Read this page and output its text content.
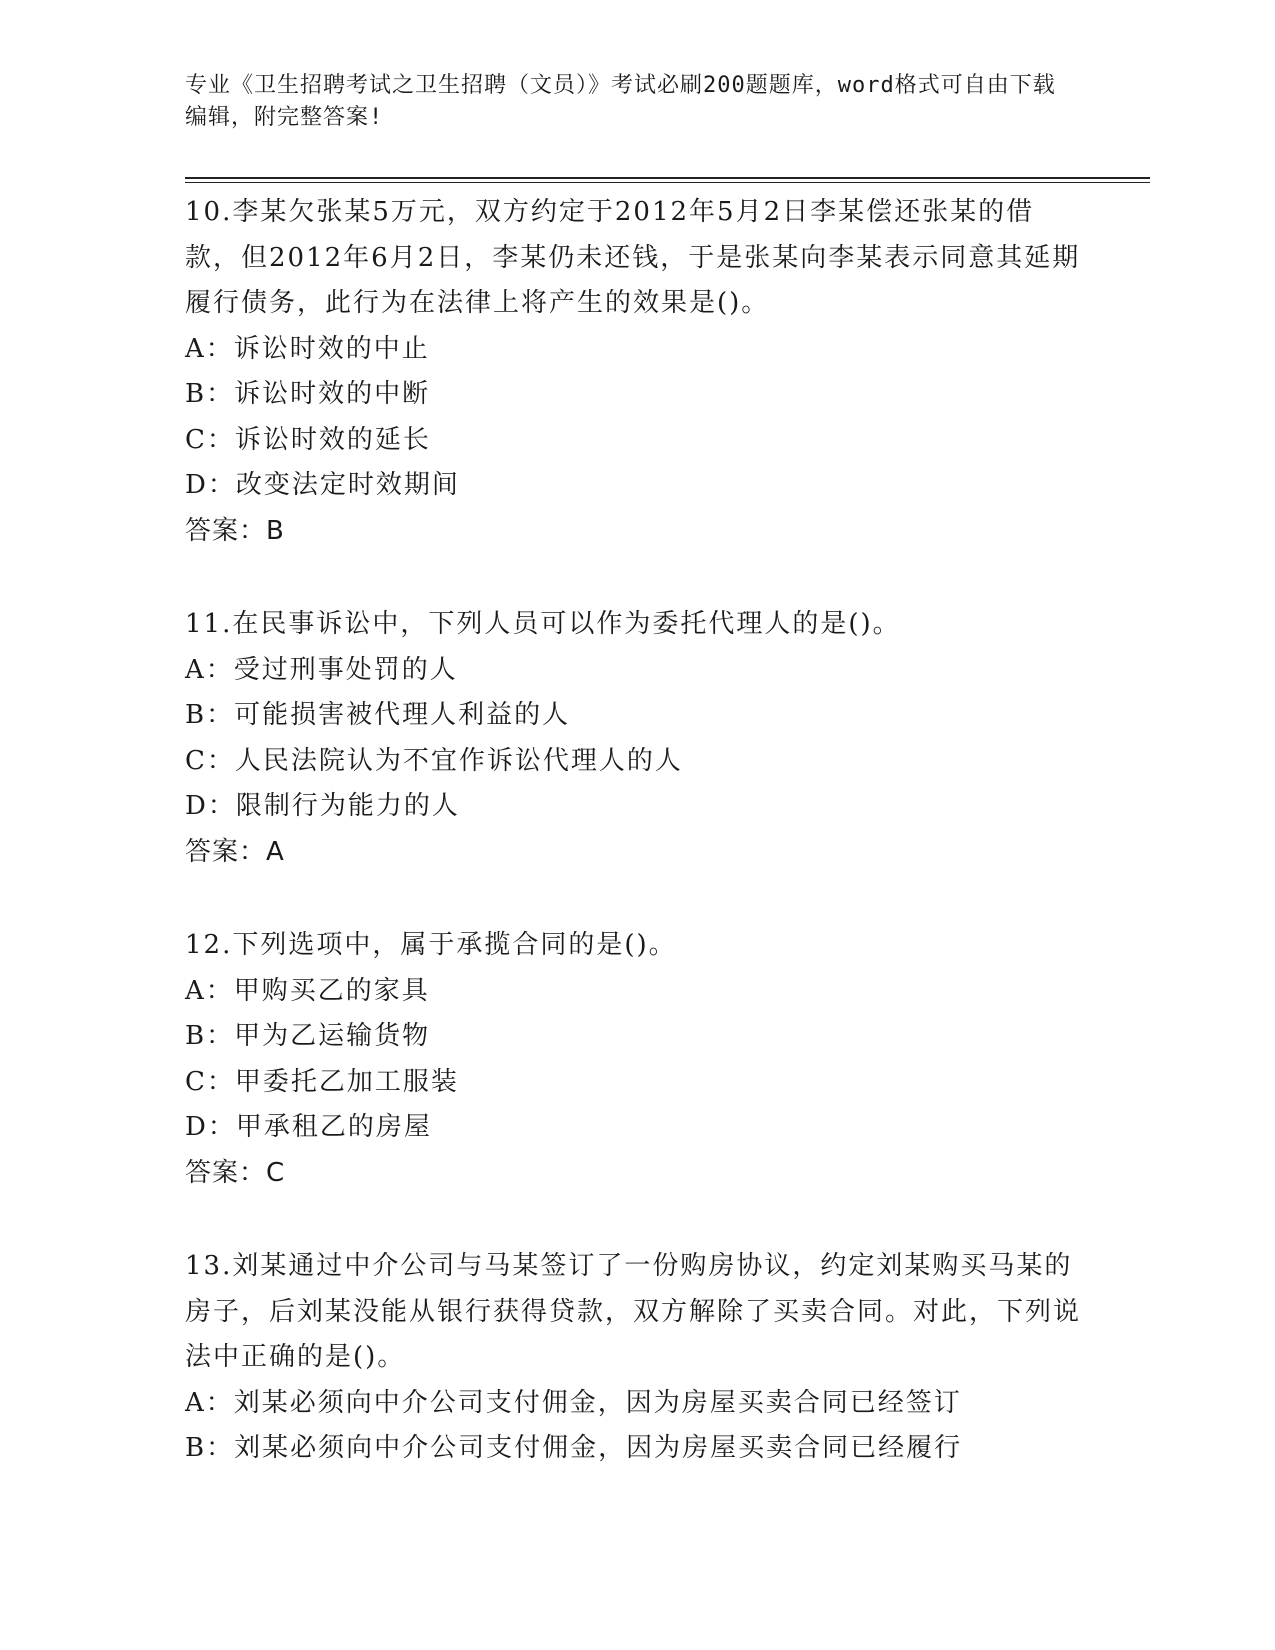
专业《卫生招聘考试之卫生招聘（文员）》考试必刷200题题库，word格式可自由下载编辑，附完整答案!
10.李某欠张某5万元，双方约定于2012年5月2日李某偿还张某的借款，但2012年6月2日，李某仍未还钱，于是张某向李某表示同意其延期履行债务，此行为在法律上将产生的效果是()。
A：诉讼时效的中止
B：诉讼时效的中断
C：诉讼时效的延长
D：改变法定时效期间
答案：B
11.在民事诉讼中，下列人员可以作为委托代理人的是()。
A：受过刑事处罚的人
B：可能损害被代理人利益的人
C：人民法院认为不宜作诉讼代理人的人
D：限制行为能力的人
答案：A
12.下列选项中，属于承揽合同的是()。
A：甲购买乙的家具
B：甲为乙运输货物
C：甲委托乙加工服装
D：甲承租乙的房屋
答案：C
13.刘某通过中介公司与马某签订了一份购房协议，约定刘某购买马某的房子，后刘某没能从银行获得贷款，双方解除了买卖合同。对此，下列说法中正确的是()。
A：刘某必须向中介公司支付佣金，因为房屋买卖合同已经签订
B：刘某必须向中介公司支付佣金，因为房屋买卖合同已经履行
